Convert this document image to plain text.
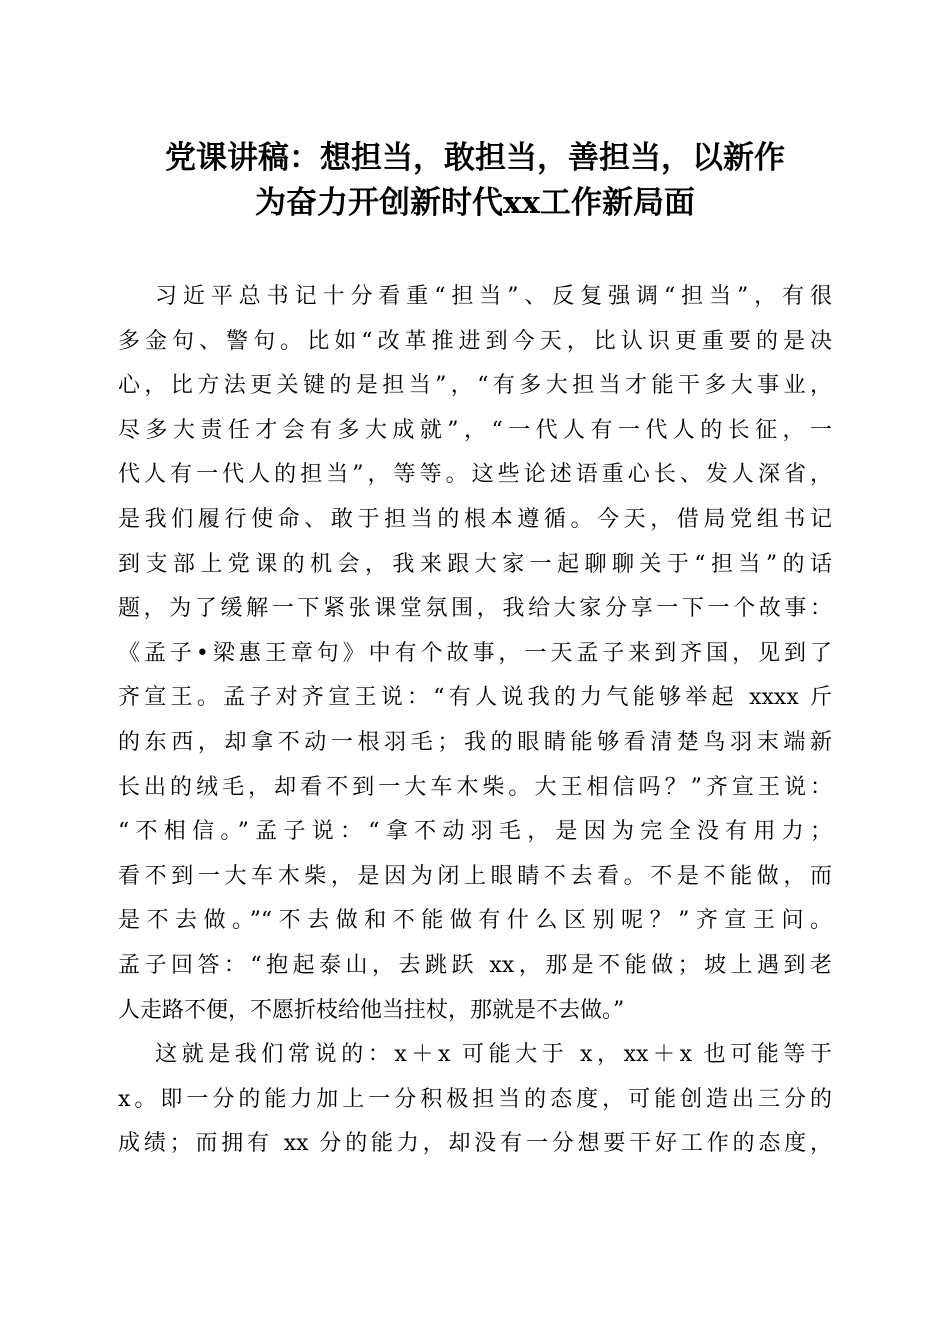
党课讲稿：想担当，敢担当，善担当，以新作
为奋力开创新时代xx工作新局面
习近平总书记十分看重“担当”、反复强调“担当”，有很
多金句、警句。比如“改革推进到今天，比认识更重要的是决
心，比方法更关键的是担当”，“有多大担当才能干多大事业，
尽多大责任才会有多大成就”，“一代人有一代人的长征，一
代人有一代人的担当”，等等。这些论述语重心长、发人深省，
是我们履行使命、敢于担当的根本遵循。今天，借局党组书记
到支部上党课的机会，我来跟大家一起聊聊关于“担当”的话
题，为了缓解一下紧张课堂氛围，我给大家分享一下一个故事：
《孟子•梁惠王章句》中有个故事，一天孟子来到齐国，见到了
齐宣王。孟子对齐宣王说：“有人说我的力气能够举起 xxxx 斤
的东西，却拿不动一根羽毛；我的眼睛能够看清楚鸟羽末端新
长出的绒毛，却看不到一大车木柴。大王相信吗？”齐宣王说：
“不相信。”孟子说：“拿不动羽毛，是因为完全没有用力；
看不到一大车木柴，是因为闭上眼睛不去看。不是不能做，而
是不去做。”“不去做和不能做有什么区别呢？”齐宣王问。
孟子回答：“抱起泰山，去跳跃 xx，那是不能做；坡上遇到老
人走路不便，不愿折枝给他当拄杖，那就是不去做。”
这就是我们常说的：x＋x 可能大于 x，xx＋x 也可能等于
x。即一分的能力加上一分积极担当的态度，可能创造出三分的
成绩；而拥有 xx 分的能力，却没有一分想要干好工作的态度，
